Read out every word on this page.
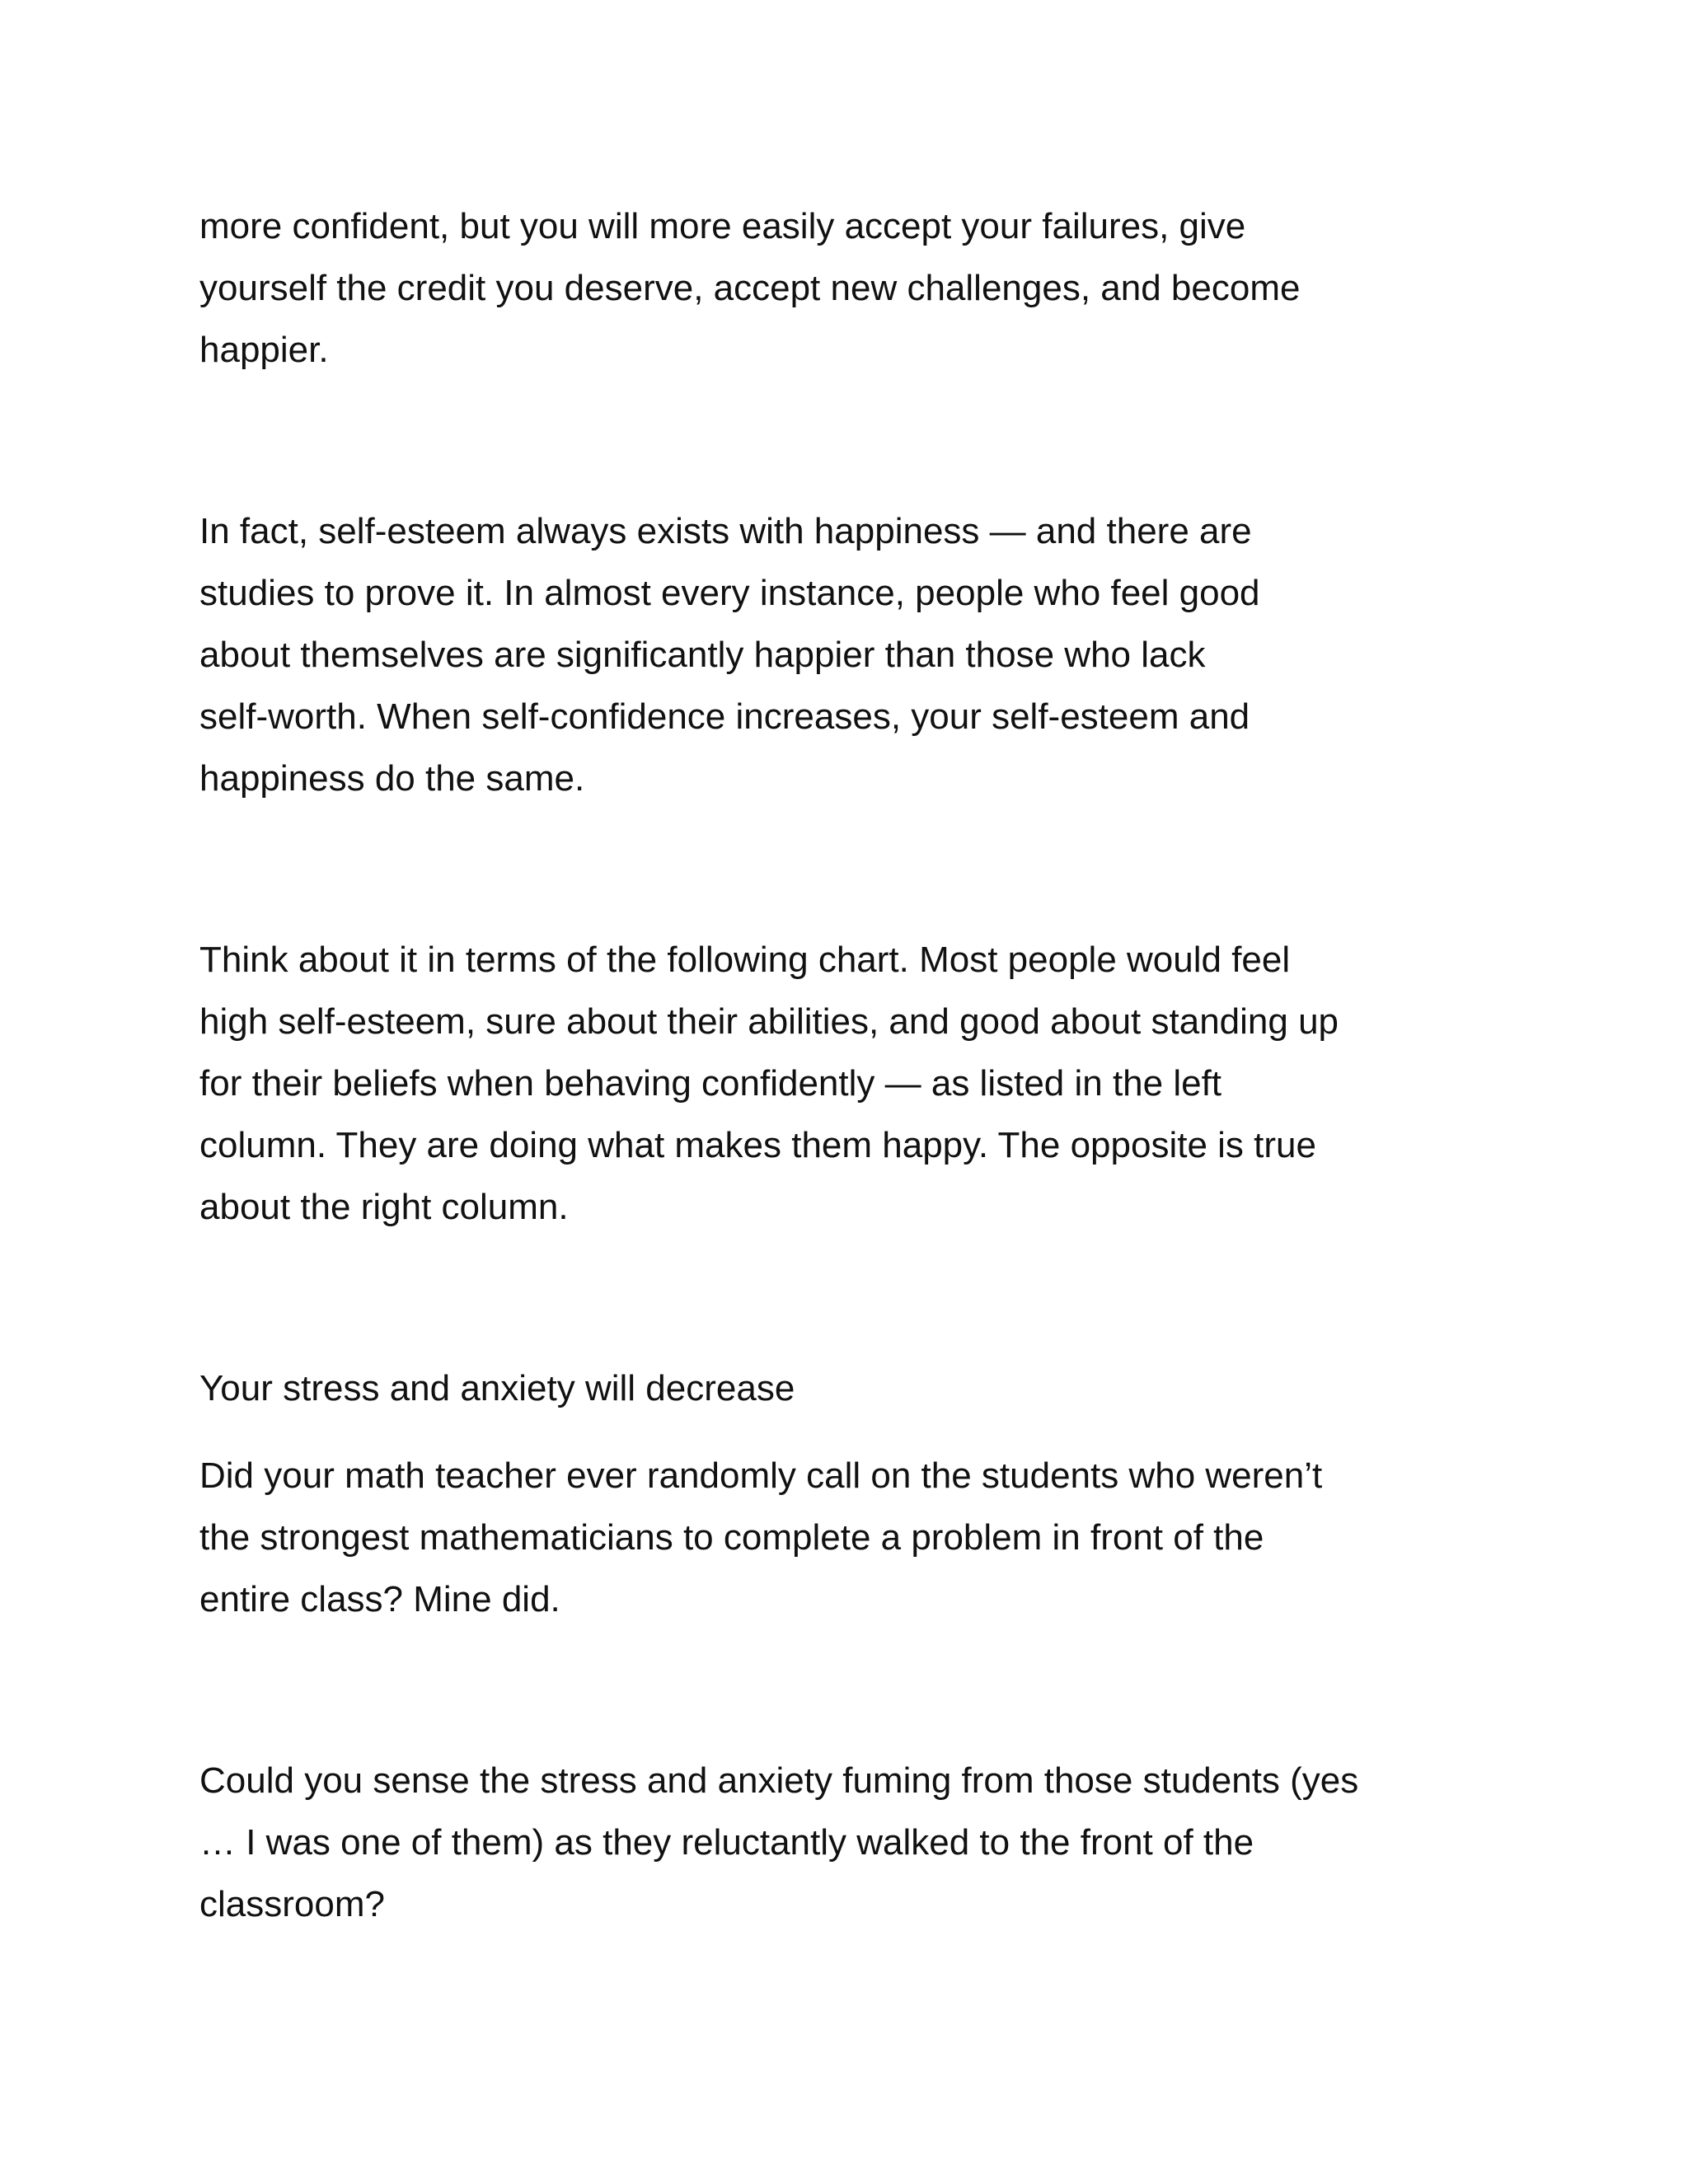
more confident, but you will more easily accept your failures, give
yourself the credit you deserve, accept new challenges, and become
happier.

In fact, self-esteem always exists with happiness — and there are
studies to prove it. In almost every instance, people who feel good
about themselves are significantly happier than those who lack
self-worth. When self-confidence increases, your self-esteem and
happiness do the same.

Think about it in terms of the following chart. Most people would feel
high self-esteem, sure about their abilities, and good about standing up
for their beliefs when behaving confidently — as listed in the left
column. They are doing what makes them happy. The opposite is true
about the right column.

Your stress and anxiety will decrease

Did your math teacher ever randomly call on the students who weren’t
the strongest mathematicians to complete a problem in front of the
entire class? Mine did.

Could you sense the stress and anxiety fuming from those students (yes
… I was one of them) as they reluctantly walked to the front of the
classroom?
